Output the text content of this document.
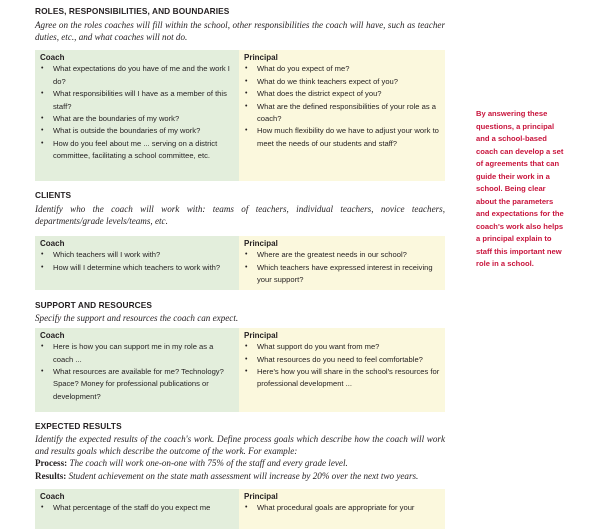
ROLES, RESPONSIBILITIES, AND BOUNDARIES

Agree on the roles coaches will fill within the school, other responsibilities the coach will have, such as teacher duties, etc., and what coaches will not do.

Coach

• What expectations do you have of me and the work I do?
• What responsibilities will I have as a member of this staff?
• What are the boundaries of my work?
• What is outside the boundaries of my work?
• How do you feel about me ... serving on a district committee, facilitating a school committee, etc.

Principal

• What do you expect of me?
• What do we think teachers expect of you?
• What does the district expect of you?
• What are the defined responsibilities of your role as a coach?
• How much flexibility do we have to adjust your work to meet the needs of our students and staff?

CLIENTS

Identify who the coach will work with: teams of teachers, individual teachers, novice teachers, departments/grade levels/teams, etc.

Coach

• Which teachers will I work with?
• How will I determine which teachers to work with?

Principal

• Where are the greatest needs in our school?
• Which teachers have expressed interest in receiving your support?

SUPPORT AND RESOURCES

Specify the support and resources the coach can expect.

Coach

• Here is how you can support me in my role as a coach ...
• What resources are available for me? Technology? Space? Money for professional publications or development?

Principal

• What support do you want from me?
• What resources do you need to feel comfortable?
• Here's how you will share in the school's resources for professional development ...

EXPECTED RESULTS

Identify the expected results of the coach's work. Define process goals which describe how the coach will work and results goals which describe the outcome of the work. For example:

Process: The coach will work one-on-one with 75% of the staff and every grade level.

Results: Student achievement on the state math assessment will increase by 20% over the next two years.

Coach

• What percentage of the staff do you expect me

Principal

• What procedural goals are appropriate for your
By answering these questions, a principal and a school-based coach can develop a set of agreements that can guide their work in a school. Being clear about the parameters and expectations for the coach's work also helps a principal explain to staff this important new role in a school.
